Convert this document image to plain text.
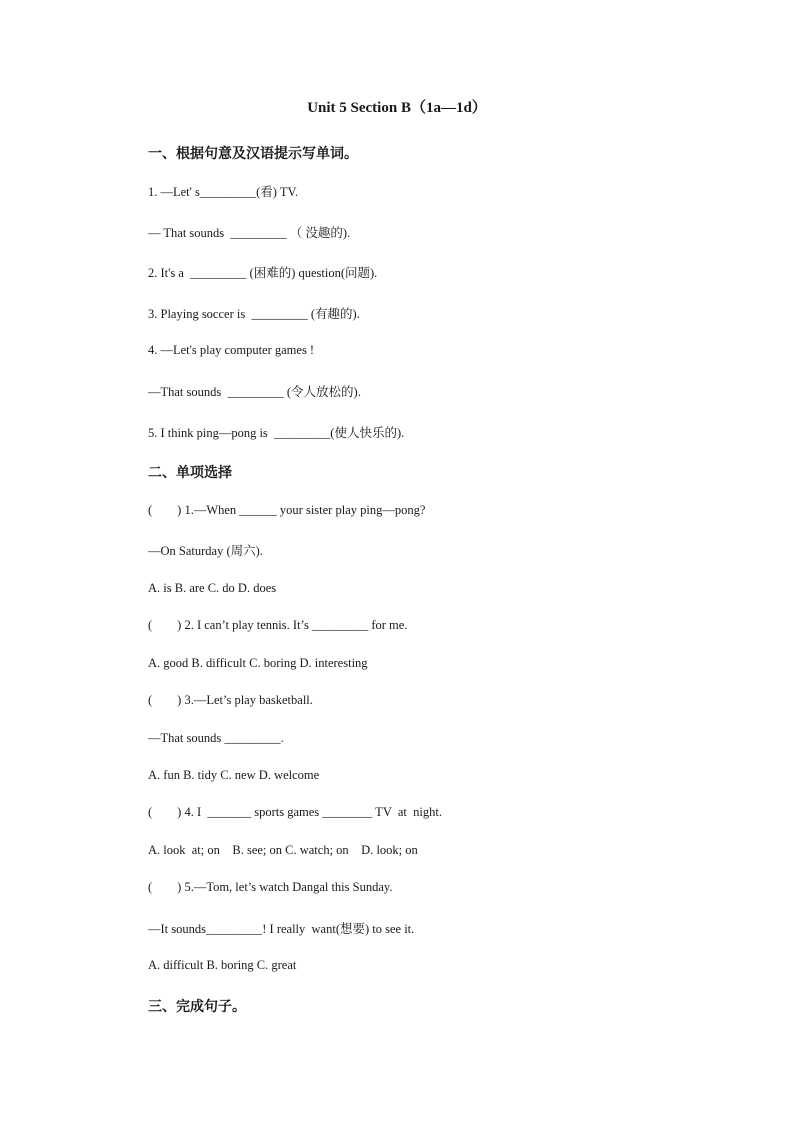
Unit 5 Section B（1a—1d）
一、根据句意及汉语提示写单词。
1. —Let' s_________(看) TV.
— That sounds  _________ （ 没趣的).
2. It's a  _________ (困难的) question(问题).
3. Playing soccer is  _________ (有趣的).
4. —Let's play computer games !
—That sounds  _________ (令人放松的).
5. I think ping—pong is  _________(使人快乐的).
二、单项选择
(        ) 1.—When ______ your sister play ping—pong?
—On Saturday (周六).
A. is B. are C. do D. does
(        ) 2. I can’t play tennis. It’s _________ for me.
A. good B. difficult C. boring D. interesting
(        ) 3.—Let’s play basketball.
—That sounds _________.
A. fun B. tidy C. new D. welcome
(        ) 4. I  _______ sports games ________ TV  at  night.
A. look  at; on    B. see; on C. watch; on    D. look; on
(        ) 5.—Tom, let’s watch Dangal this Sunday.
—It sounds_________! I really  want(想要) to see it.
A. difficult B. boring C. great
三、完成句子。
